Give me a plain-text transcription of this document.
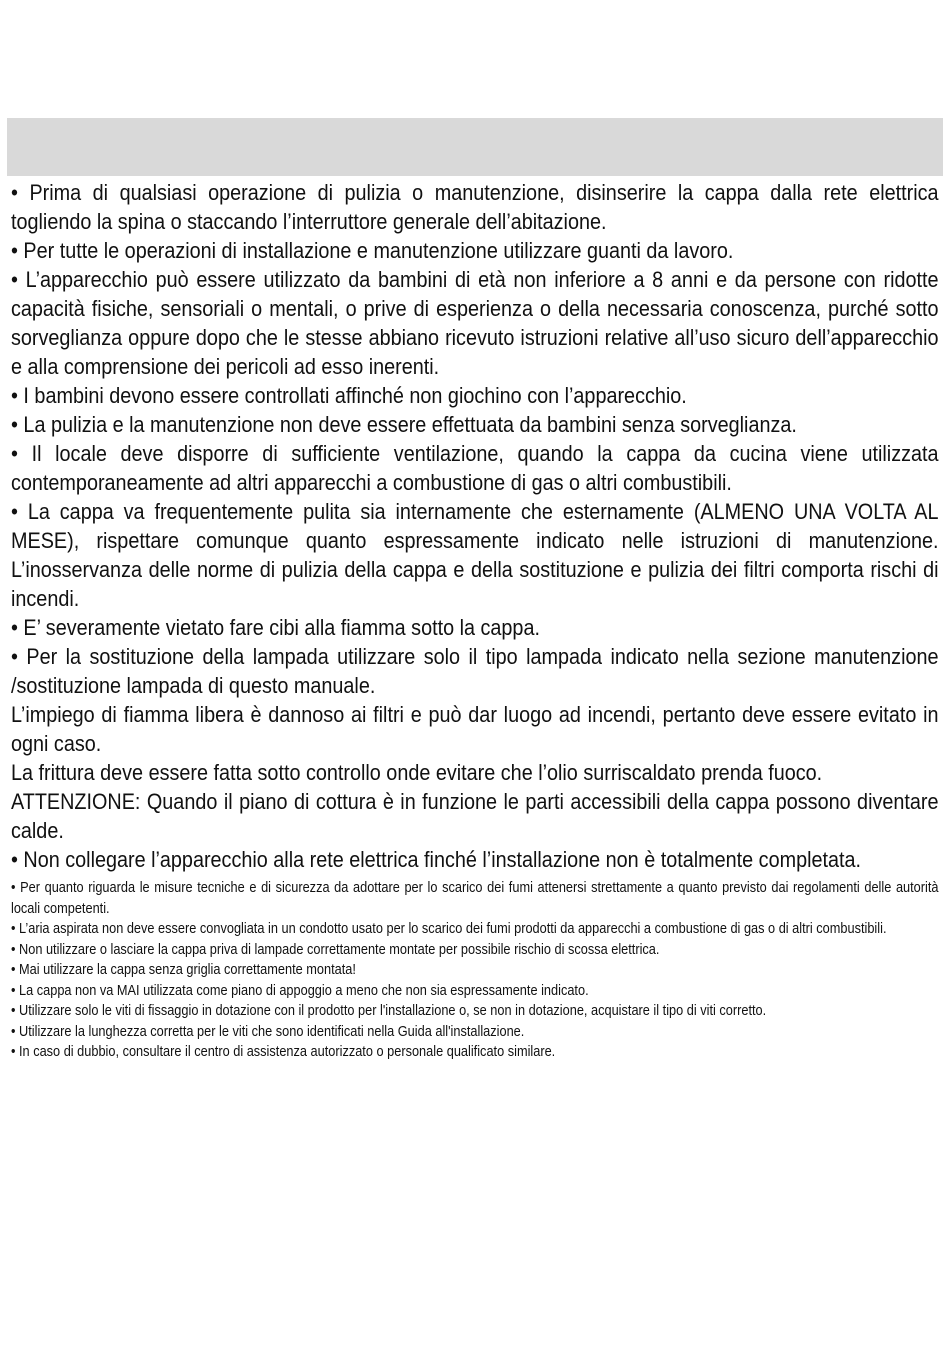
• Prima di qualsiasi operazione di pulizia o manutenzione, disinserire la cappa dalla rete elettrica togliendo la spina o staccando l’interruttore generale dell’abitazione.

• Per tutte le operazioni di installazione e manutenzione utilizzare guanti da lavoro.

• L’apparecchio può essere utilizzato da bambini di età non inferiore a 8 anni e da persone con ridotte capacità fisiche, sensoriali o mentali, o prive di esperienza o della necessaria conoscenza, purché sotto sorveglianza oppure dopo che le stesse abbiano ricevuto istruzioni relative all’uso sicuro dell’apparecchio e alla comprensione dei pericoli ad esso inerenti.

• I bambini devono essere controllati affinché non giochino con l’apparecchio.

• La pulizia e la manutenzione non deve essere effettuata da bambini senza sorveglianza.

• Il locale deve disporre di sufficiente ventilazione, quando la cappa da cucina viene utilizzata contemporaneamente ad altri apparecchi a combustione di gas o altri combustibili.

• La cappa va frequentemente pulita sia internamente che esternamente (ALMENO UNA VOLTA AL MESE), rispettare comunque quanto espressamente indicato nelle istruzioni di manutenzione. L’inosservanza delle norme di pulizia della cappa e della sostituzione e pulizia dei filtri comporta rischi di incendi.

• E’ severamente vietato fare cibi alla fiamma sotto la cappa.

• Per la sostituzione della lampada utilizzare solo il tipo lampada indicato nella sezione manutenzione /sostituzione lampada di questo manuale.

L’impiego di fiamma libera è dannoso ai filtri e può dar luogo ad incendi, pertanto deve essere evitato in ogni caso.

La frittura deve essere fatta sotto controllo onde evitare che l’olio surriscaldato prenda fuoco.

ATTENZIONE: Quando il piano di cottura è in funzione le parti accessibili della cappa possono diventare calde.

• Non collegare l’apparecchio alla rete elettrica finché l’installazione non è totalmente completata.

• Per quanto riguarda le misure tecniche e di sicurezza da adottare per lo scarico dei fumi attenersi strettamente a quanto previsto dai regolamenti delle autorità locali competenti.

• L’aria aspirata non deve essere convogliata in un condotto usato per lo scarico dei fumi prodotti da apparecchi a combustione di gas o di altri combustibili.

• Non utilizzare o lasciare la cappa priva di lampade correttamente montate per possibile rischio di scossa elettrica.

• Mai utilizzare la cappa senza griglia correttamente montata!

• La cappa non va MAI utilizzata come piano di appoggio a meno che non sia espressamente indicato.

• Utilizzare solo le viti di fissaggio in dotazione con il prodotto per l'installazione o, se non in dotazione, acquistare il tipo di viti corretto.

• Utilizzare la lunghezza corretta per le viti che sono identificati nella Guida all'installazione.

• In caso di dubbio, consultare il centro di assistenza autorizzato o personale qualificato similare.
